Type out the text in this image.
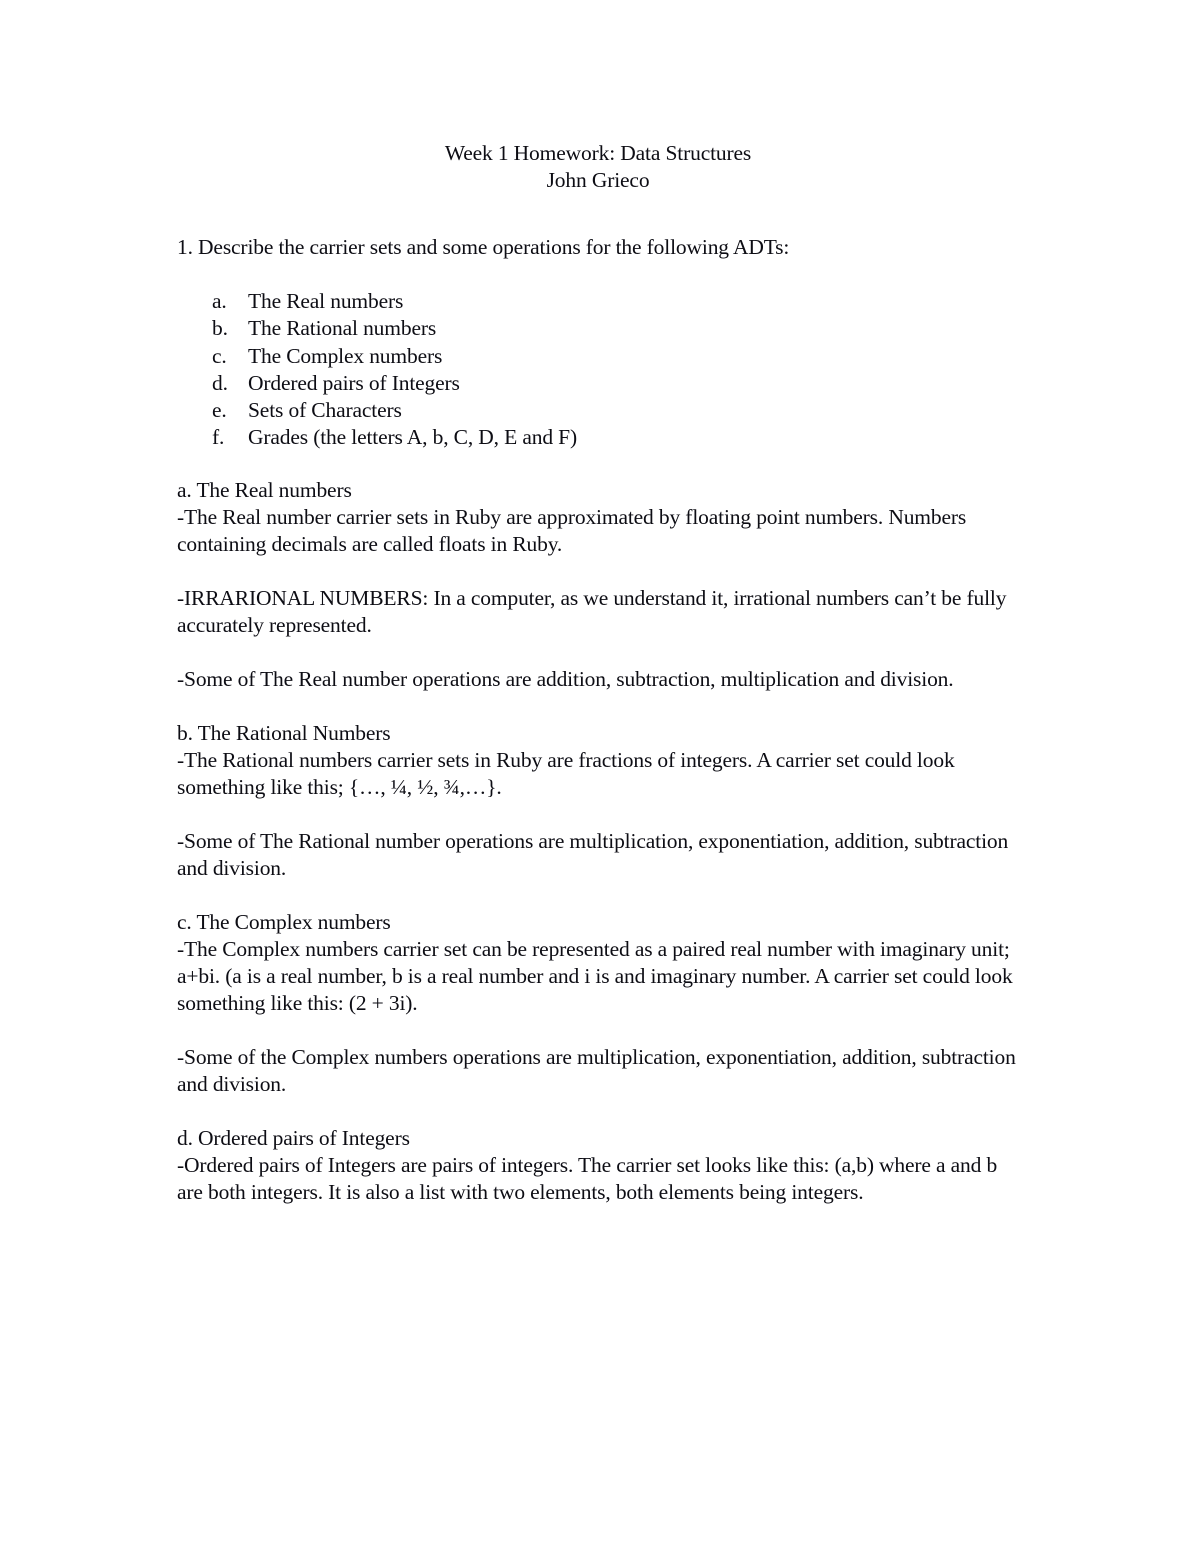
Week 1 Homework: Data Structures
John Grieco

1. Describe the carrier sets and some operations for the following ADTs:

a. The Real numbers
b. The Rational numbers
c. The Complex numbers
d. Ordered pairs of Integers
e. Sets of Characters
f.	Grades (the letters A, b, C, D, E and F)

a. The Real numbers

-The Real number carrier sets in Ruby are approximated by floating point numbers. Numbers containing decimals are called floats in Ruby.

-IRRARIONAL NUMBERS: In a computer, as we understand it, irrational numbers can’t be fully accurately represented.

-Some of The Real number operations are addition, subtraction, multiplication and division.

b. The Rational Numbers

-The Rational numbers carrier sets in Ruby are fractions of integers. A carrier set could look something like this; {…, ¼, ½, ¾,…}.

-Some of The Rational number operations are multiplication, exponentiation, addition, subtraction and division.

c. The Complex numbers

-The Complex numbers carrier set can be represented as a paired real number with imaginary unit; a+bi. (a is a real number, b is a real number and i is and imaginary number. A carrier set could look something like this: (2 + 3i).

-Some of the Complex numbers operations are multiplication, exponentiation, addition, subtraction and division.

d. Ordered pairs of Integers

-Ordered pairs of Integers are pairs of integers. The carrier set looks like this: (a,b) where a and b are both integers. It is also a list with two elements, both elements being integers.
